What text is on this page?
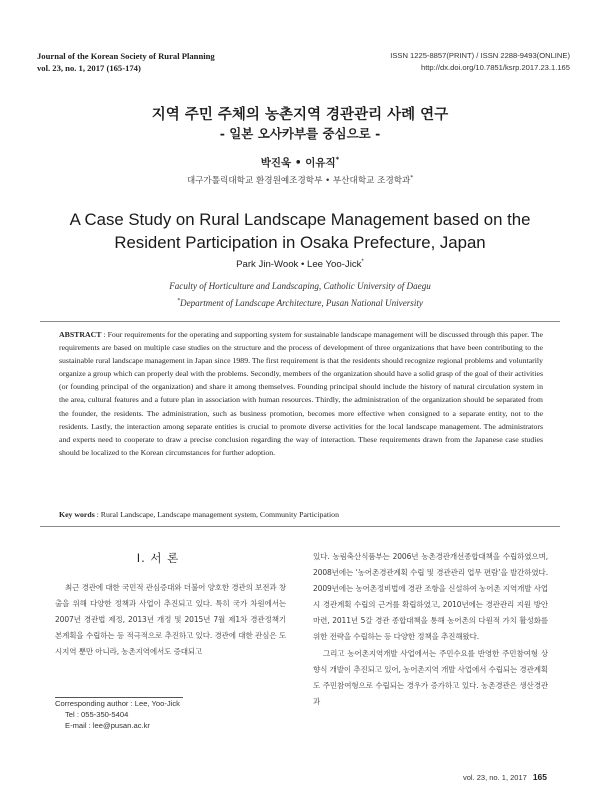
Journal of the Korean Society of Rural Planning
vol. 23, no. 1, 2017 (165-174)
ISSN 1225-8857(PRINT) / ISSN 2288-9493(ONLINE)
http://dx.doi.org/10.7851/ksrp.2017.23.1.165
지역 주민 주체의 농촌지역 경관관리 사례 연구
- 일본 오사카부를 중심으로 -
박진욱 • 이유직*
대구가톨릭대학교 환경원예조경학부 • 부산대학교 조경학과*
A Case Study on Rural Landscape Management based on the
Resident Participation in Osaka Prefecture, Japan
Park Jin-Wook • Lee Yoo-Jick*
Faculty of Horticulture and Landscaping, Catholic University of Daegu
*Department of Landscape Architecture, Pusan National University
ABSTRACT : Four requirements for the operating and supporting system for sustainable landscape management will be discussed through this paper. The requirements are based on multiple case studies on the structure and the process of development of three organizations that have been contributing to the sustainable rural landscape management in Japan since 1989. The first requirement is that the residents should recognize regional problems and voluntarily organize a group which can properly deal with the problems. Secondly, members of the organization should have a solid grasp of the goal of their activities (or founding principal of the organization) and share it among themselves. Founding principal should include the history of natural circulation system in the area, cultural features and a future plan in association with human resources. Thirdly, the administration of the organization should be separated from the founder, the residents. The administration, such as business promotion, becomes more effective when consigned to a separate entity, not to the residents. Lastly, the interaction among separate entities is crucial to promote diverse activities for the local landscape management. The administrators and experts need to cooperate to draw a precise conclusion regarding the way of interaction. These requirements drawn from the Japanese case studies should be localized to the Korean circumstances for further adoption.
Key words : Rural Landscape, Landscape management system, Community Participation
I. 서 론
최근 경관에 대한 국민적 관심증대와 더불어 양호한 경관의 보전과 창출을 위해 다양한 정책과 사업이 추진되고 있다. 특히 국가 차원에서는 2007년 경관법 제정, 2013년 개정 및 2015년 7월 제1차 경관정책기본계획을 수립하는 등 적극적으로 추진하고 있다. 경관에 대한 관심은 도시지역 뿐만 아니라, 농촌지역에서도 증대되고
있다. 농림축산식품부는 2006년 농촌경관개선종합대책을 수립하였으며, 2008년에는 ‘농어촌경관계획 수립 및 경관관리 업무 편람’을 발간하였다. 2009년에는 농어촌정비법에 경관 조항을 신설하여 농어촌 지역개발 사업 시 경관계획 수립의 근거를 확립하였고, 2010년에는 경관관리 지원 방안 마련, 2011년 5갈 경관 종합대책을 통해 농어촌의 다원적 가치 활성화를 위한 전략을 수립하는 등 다양한 정책을 추진해왔다.
그리고 농어촌지역개발 사업에서는 주민수요를 반영한 주민참여형 상향식 개발이 추진되고 있어, 농어촌지역 개발 사업에서 수립되는 경관계획도 주민참여형으로 수립되는 경우가 증가하고 있다. 농촌경관은 생산경관과
Corresponding author : Lee, Yoo-Jick
Tel : 055-350-5404
E-mail : lee@pusan.ac.kr
vol. 23, no. 1, 2017 165
